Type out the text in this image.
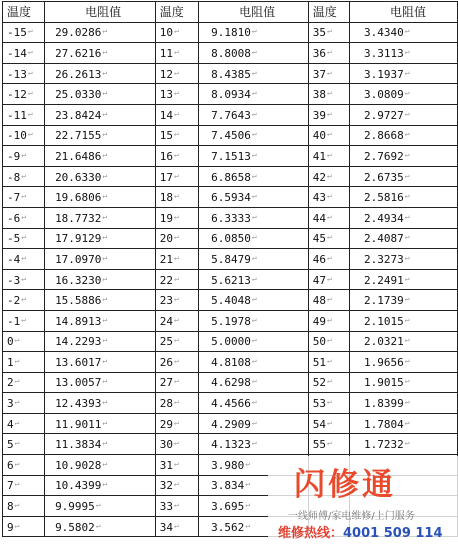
温度	电阻值	温度	电阻值	温度	电阻值
-15↵	29.0286↵	10↵	9.1810↵	35↵	3.4340↵
-14↵	27.6216↵	11↵	8.8008↵	36↵	3.3113↵
-13↵	26.2613↵	12↵	8.4385↵	37↵	3.1937↵
-12↵	25.0330↵	13↵	8.0934↵	38↵	3.0809↵
-11↵	23.8424↵	14↵	7.7643↵	39↵	2.9727↵
-10↵	22.7155↵	15↵	7.4506↵	40↵	2.8668↵
-9↵	21.6486↵	16↵	7.1513↵	41↵	2.7692↵
-8↵	20.6330↵	17↵	6.8658↵	42↵	2.6735↵
-7↵	19.6806↵	18↵	6.5934↵	43↵	2.5816↵
-6↵	18.7732↵	19↵	6.3333↵	44↵	2.4934↵
-5↵	17.9129↵	20↵	6.0850↵	45↵	2.4087↵
-4↵	17.0970↵	21↵	5.8479↵	46↵	2.3273↵
-3↵	16.3230↵	22↵	5.6213↵	47↵	2.2491↵
-2↵	15.5886↵	23↵	5.4048↵	48↵	2.1739↵
-1↵	14.8913↵	24↵	5.1978↵	49↵	2.1015↵
0↵	14.2293↵	25↵	5.0000↵	50↵	2.0321↵
1↵	13.6017↵	26↵	4.8108↵	51↵	1.9656↵
2↵	13.0057↵	27↵	4.6298↵	52↵	1.9015↵
3↵	12.4393↵	28↵	4.4566↵	53↵	1.8399↵
4↵	11.9011↵	29↵	4.2909↵	54↵	1.7804↵
5↵	11.3834↵	30↵	4.1323↵	55↵	1.7232↵
6↵	10.9028↵	31↵	3.980↵		
7↵	10.4399↵	32↵	3.834↵		
8↵	9.9995↵	33↵	3.695↵		
9↵	9.5802↵	34↵	3.562↵		
闪修通
一线师傅/家电维修/上门服务
维修热线：4001 509 114
